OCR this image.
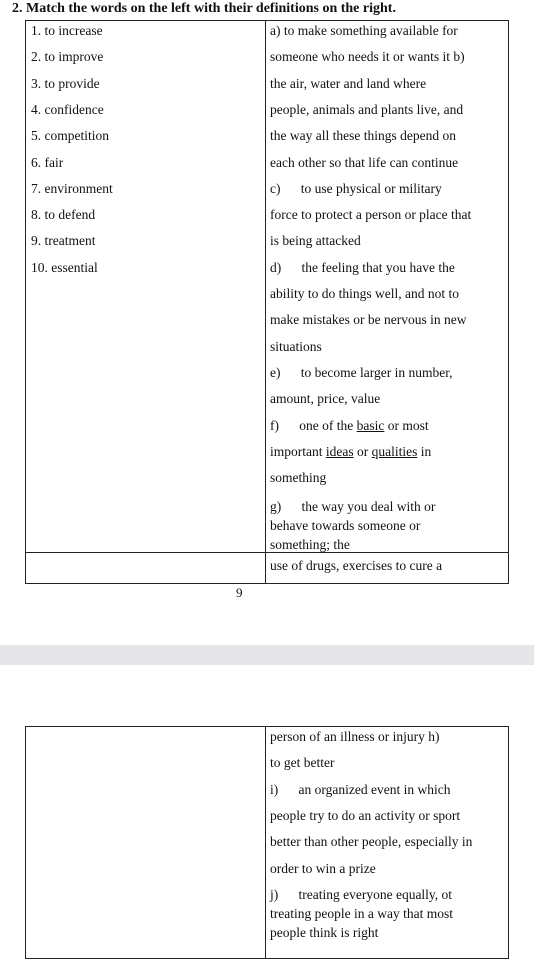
2. Match the words on the left with their definitions on the right.
1. to increase
2. to improve
3. to provide
4. confidence
5. competition
6. fair
7. environment
8. to defend
9. treatment
10. essential
a) to make something available for
someone who needs it or wants it b)
the air, water and land where
people, animals and plants live, and
the way all these things depend on
each other so that life can continue
c)      to use physical or military
force to protect a person or place that
is being attacked
d)      the feeling that you have the
ability to do things well, and not to
make mistakes or be nervous in new
situations
e)      to become larger in number,
amount, price, value
f)      one of the basic or most
important ideas or qualities in
something
g)      the way you deal with or
behave towards someone or
something; the
use of drugs, exercises to cure a
9
person of an illness or injury h)
to get better
i)      an organized event in which
people try to do an activity or sport
better than other people, especially in
order to win a prize
j)      treating everyone equally, ot
treating people in a way that most
people think is right
